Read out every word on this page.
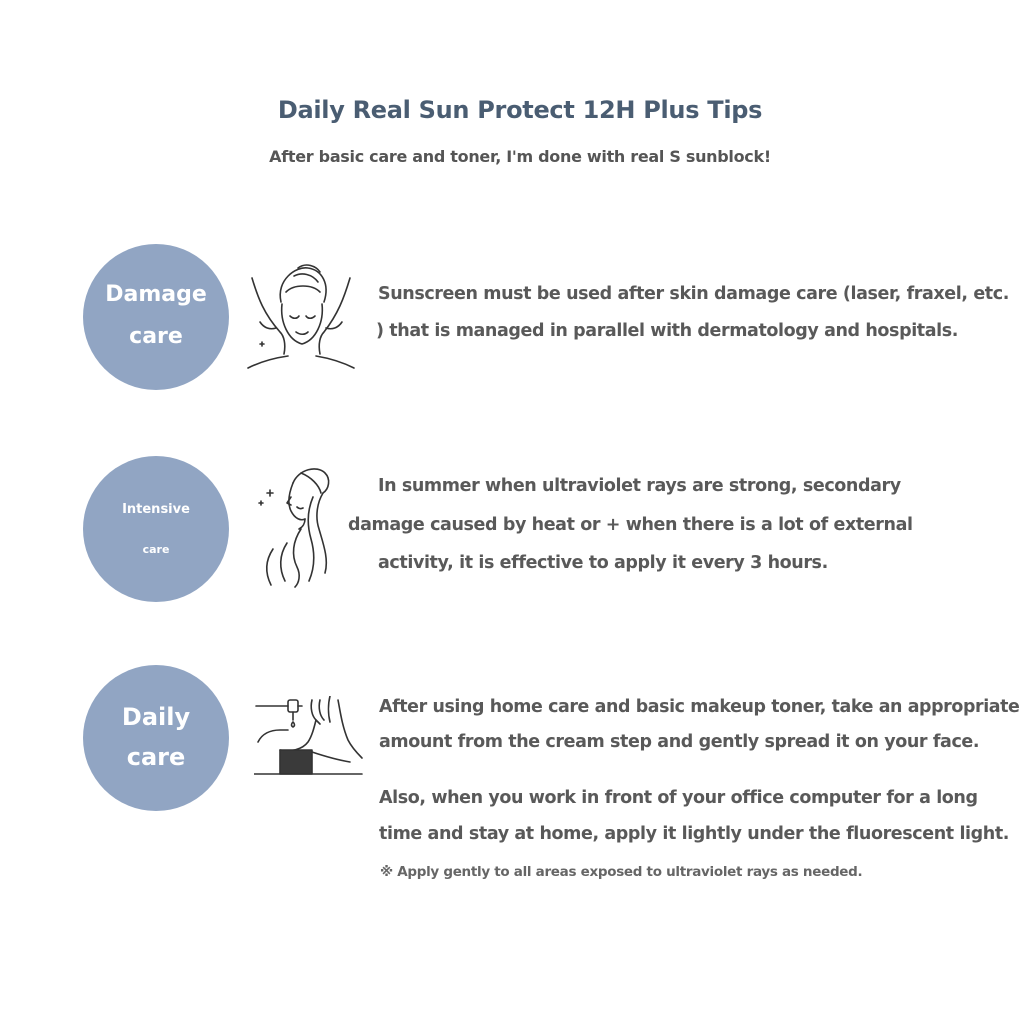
Daily Real Sun Protect 12H Plus Tips
After basic care and toner, I'm done with real S sunblock!
Damage
care
Sunscreen must be used after skin damage care (laser, fraxel, etc.
) that is managed in parallel with dermatology and hospitals.
Intensive
care
In summer when ultraviolet rays are strong, secondary
damage caused by heat or + when there is a lot of external
activity, it is effective to apply it every 3 hours.
Daily
care
After using home care and basic makeup toner, take an appropriate
amount from the cream step and gently spread it on your face.
Also, when you work in front of your office computer for a long
time and stay at home, apply it lightly under the fluorescent light.
※ Apply gently to all areas exposed to ultraviolet rays as needed.
